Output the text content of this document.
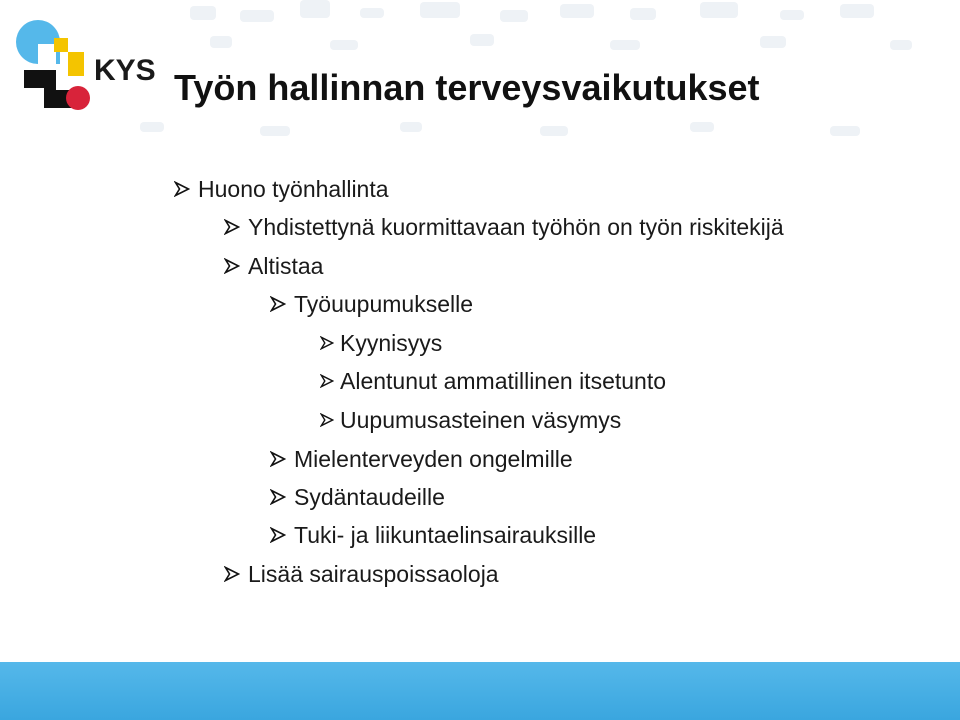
KYS Työn hallinnan terveysvaikutukset
Huono työnhallinta
Yhdistettynä kuormittavaan työhön on työn riskitekijä
Altistaa
Työuupumukselle
Kyynisyys
Alentunut ammatillinen itsetunto
Uupumusasteinen väsymys
Mielenterveyden ongelmille
Sydäntaudeille
Tuki- ja liikuntaelinsairauksille
Lisää sairauspoissaoloja
